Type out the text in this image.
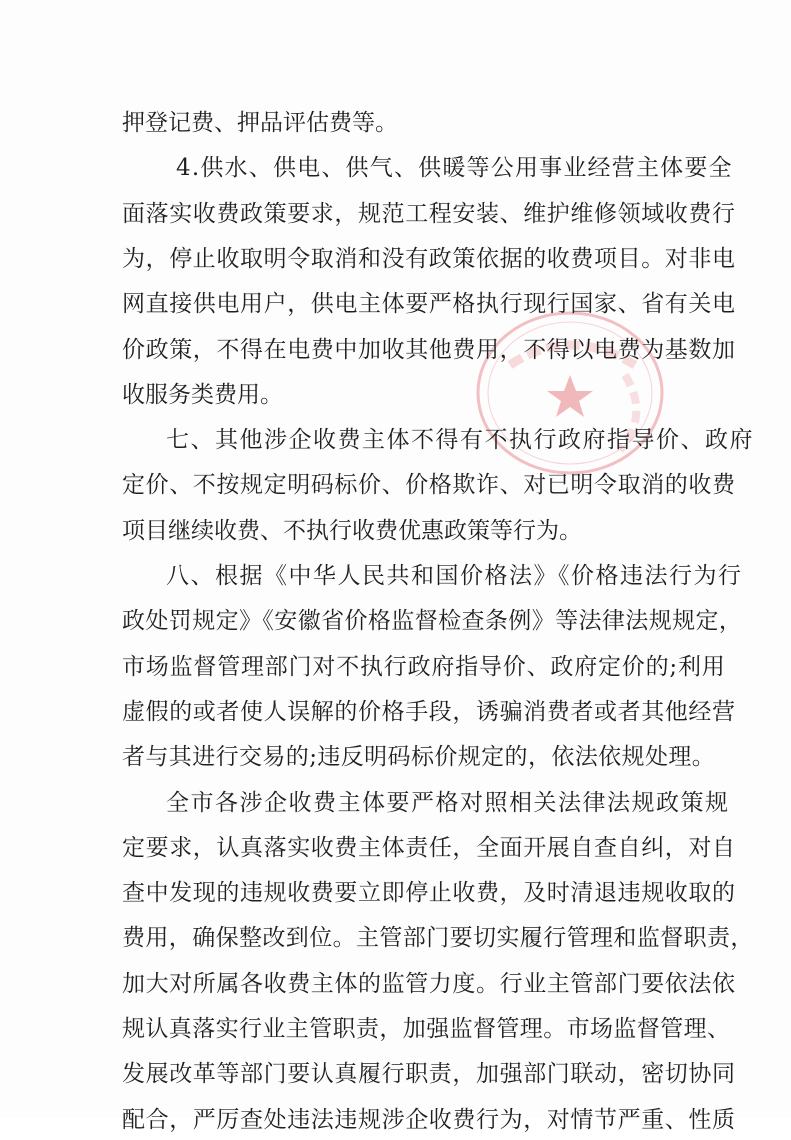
押登记费、押品评估费等。

4.供水、供电、供气、供暖等公用事业经营主体要全

面落实收费政策要求，规范工程安装、维护维修领域收费行

为，停止收取明令取消和没有政策依据的收费项目。对非电

网直接供电用户，供电主体要严格执行现行国家、省有关电

价政策，不得在电费中加收其他费用，不得以电费为基数加

收服务类费用。

七、其他涉企收费主体不得有不执行政府指导价、政府

定价、不按规定明码标价、价格欺诈、对已明令取消的收费

项目继续收费、不执行收费优惠政策等行为。

八、根据《中华人民共和国价格法》《价格违法行为行

政处罚规定》《安徽省价格监督检查条例》等法律法规规定，

市场监督管理部门对不执行政府指导价、政府定价的;利用

虚假的或者使人误解的价格手段，诱骗消费者或者其他经营

者与其进行交易的;违反明码标价规定的，依法依规处理。

全市各涉企收费主体要严格对照相关法律法规政策规

定要求，认真落实收费主体责任，全面开展自查自纠，对自

查中发现的违规收费要立即停止收费，及时清退违规收取的

费用，确保整改到位。主管部门要切实履行管理和监督职责，

加大对所属各收费主体的监管力度。行业主管部门要依法依

规认真落实行业主管职责，加强监督管理。市场监督管理、

发展改革等部门要认真履行职责，加强部门联动，密切协同

配合，严厉查处违法违规涉企收费行为，对情节严重、性质
